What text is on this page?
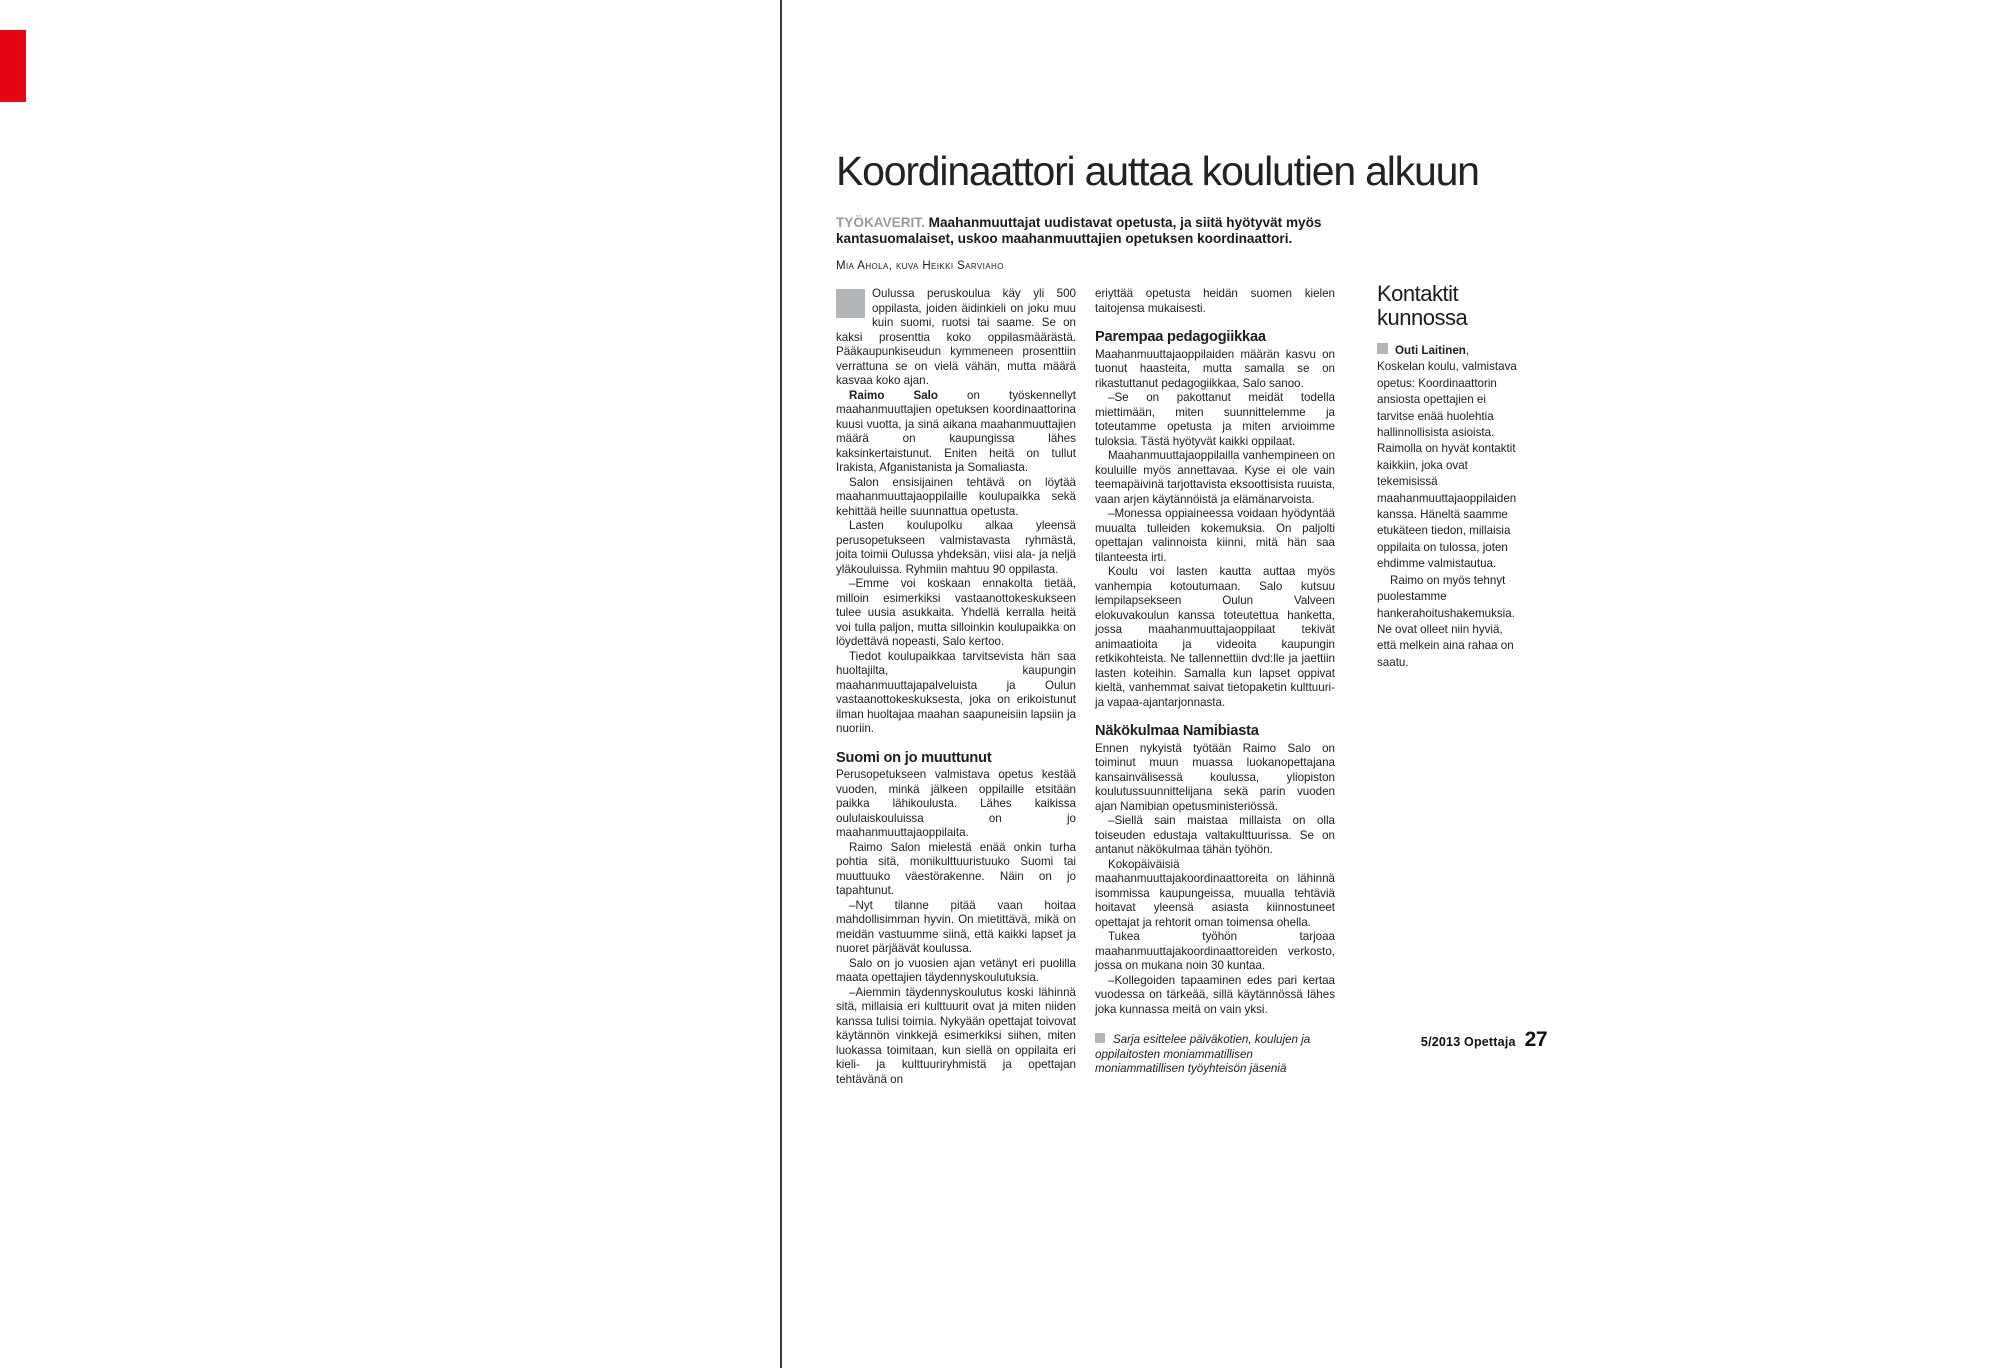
Koordinaattori auttaa koulutien alkuun

TYÖKAVERIT. Maahanmuuttajat uudistavat opetusta, ja siitä hyötyvät myös kantasuomalaiset, uskoo maahanmuuttajien opetuksen koordinaattori.

Mia Ahola, kuva Heikki Sarviaho

Oulussa peruskoulua käy yli 500 oppilasta, joiden äidinkieli on joku muu kuin suomi, ruotsi tai saame. Se on kaksi prosenttia koko oppilasmäärästä. Pääkaupunkiseudun kymmeneen prosenttiin verrattuna se on vielä vähän, mutta määrä kasvaa koko ajan.

Raimo Salo on työskennellyt maahanmuuttajien opetuksen koordinaattorina kuusi vuotta, ja sinä aikana maahanmuuttajien määrä on kaupungissa lähes kaksinkertaistunut. Eniten heitä on tullut Irakista, Afganistanista ja Somaliasta.

Salon ensisijainen tehtävä on löytää maahanmuuttajaoppilaille koulupaikka sekä kehittää heille suunnattua opetusta.

Lasten koulupolku alkaa yleensä perusopetukseen valmistavasta ryhmästä, joita toimii Oulussa yhdeksän, viisi ala- ja neljä yläkouluissa. Ryhmiin mahtuu 90 oppilasta.

–Emme voi koskaan ennakolta tietää, milloin esimerkiksi vastaanottokeskukseen tulee uusia asukkaita. Yhdellä kerralla heitä voi tulla paljon, mutta silloinkin koulupaikka on löydettävä nopeasti, Salo kertoo.

Tiedot koulupaikkaa tarvitsevista hän saa huoltajilta, kaupungin maahanmuuttajapalveluista ja Oulun vastaanottokeskuksesta, joka on erikoistunut ilman huoltajaa maahan saapuneisiin lapsiin ja nuoriin.

Suomi on jo muuttunut

Perusopetukseen valmistava opetus kestää vuoden, minkä jälkeen oppilaille etsitään paikka lähikoulusta. Lähes kaikissa oululaiskouluissa on jo maahanmuuttajaoppilaita.

Raimo Salon mielestä enää onkin turha pohtia sitä, monikulttuuristuuko Suomi tai muuttuuko väestörakenne. Näin on jo tapahtunut.

–Nyt tilanne pitää vaan hoitaa mahdollisimman hyvin. On mietittävä, mikä on meidän vastuumme siinä, että kaikki lapset ja nuoret pärjäävät koulussa.

Salo on jo vuosien ajan vetänyt eri puolilla maata opettajien täydennyskoulutuksia.

–Aiemmin täydennyskoulutus koski lähinnä sitä, millaisia eri kulttuurit ovat ja miten niiden kanssa tulisi toimia. Nykyään opettajat toivovat käytännön vinkkejä esimerkiksi siihen, miten luokassa toimitaan, kun siellä on oppilaita eri kieli- ja kulttuuriryhmistä ja opettajan tehtävänä on

eriyttää opetusta heidän suomen kielen taitojensa mukaisesti.

Parempaa pedagogiikkaa

Maahanmuuttajaoppilaiden määrän kasvu on tuonut haasteita, mutta samalla se on rikastuttanut pedagogiikkaa, Salo sanoo.

–Se on pakottanut meidät todella miettimään, miten suunnittelemme ja toteutamme opetusta ja miten arvioimme tuloksia. Tästä hyötyvät kaikki oppilaat.

Maahanmuuttajaoppilailla vanhempineen on kouluille myös annettavaa. Kyse ei ole vain teemapäivinä tarjottavista eksoottisista ruuista, vaan arjen käytännöistä ja elämänarvoista.

–Monessa oppiaineessa voidaan hyödyntää muualta tulleiden kokemuksia. On paljolti opettajan valinnoista kiinni, mitä hän saa tilanteesta irti.

Koulu voi lasten kautta auttaa myös vanhempia kotoutumaan. Salo kutsuu lempilapsekseen Oulun Valveen elokuvakoulun kanssa toteutettua hanketta, jossa maahanmuuttajaoppilaat tekivät animaatioita ja videoita kaupungin retkikohteista. Ne tallennettiin dvd:lle ja jaettiin lasten koteihin. Samalla kun lapset oppivat kieltä, vanhemmat saivat tietopaketin kulttuuri- ja vapaa-ajantarjonnasta.

Näkökulmaa Namibiasta

Ennen nykyistä työtään Raimo Salo on toiminut muun muassa luokanopettajana kansainvälisessä koulussa, yliopiston koulutussuunnittelijana sekä parin vuoden ajan Namibian opetusministeriössä.

–Siellä sain maistaa millaista on olla toiseuden edustaja valtakulttuurissa. Se on antanut näkökulmaa tähän työhön.

Kokopäiväisiä maahanmuuttajakoordinaattoreita on lähinnä isommissa kaupungeissa, muualla tehtäviä hoitavat yleensä asiasta kiinnostuneet opettajat ja rehtorit oman toimensa ohella.

Tukea työhön tarjoaa maahanmuuttajakoordinaattoreiden verkosto, jossa on mukana noin 30 kuntaa.

–Kollegoiden tapaaminen edes pari kertaa vuodessa on tärkeää, sillä käytännössä lähes joka kunnassa meitä on vain yksi.

Sarja esittelee päiväkotien, koulujen ja oppilaitosten moniammatillisen moniammatillisen työyhteisön jäseniä

Kontaktit kunnossa

Outi Laitinen, Koskelan koulu, valmistava opetus: Koordinaattorin ansiosta opettajien ei tarvitse enää huolehtia hallinnollisista asioista. Raimolla on hyvät kontaktit kaikkiin, joka ovat tekemisissä maahanmuuttajaoppilaiden kanssa. Häneltä saamme etukäteen tiedon, millaisia oppilaita on tulossa, joten ehdimme valmistautua.

Raimo on myös tehnyt puolestamme hankerahoitushakemuksia. Ne ovat olleet niin hyviä, että melkein aina rahaa on saatu.

5/2013 Opettaja 27
